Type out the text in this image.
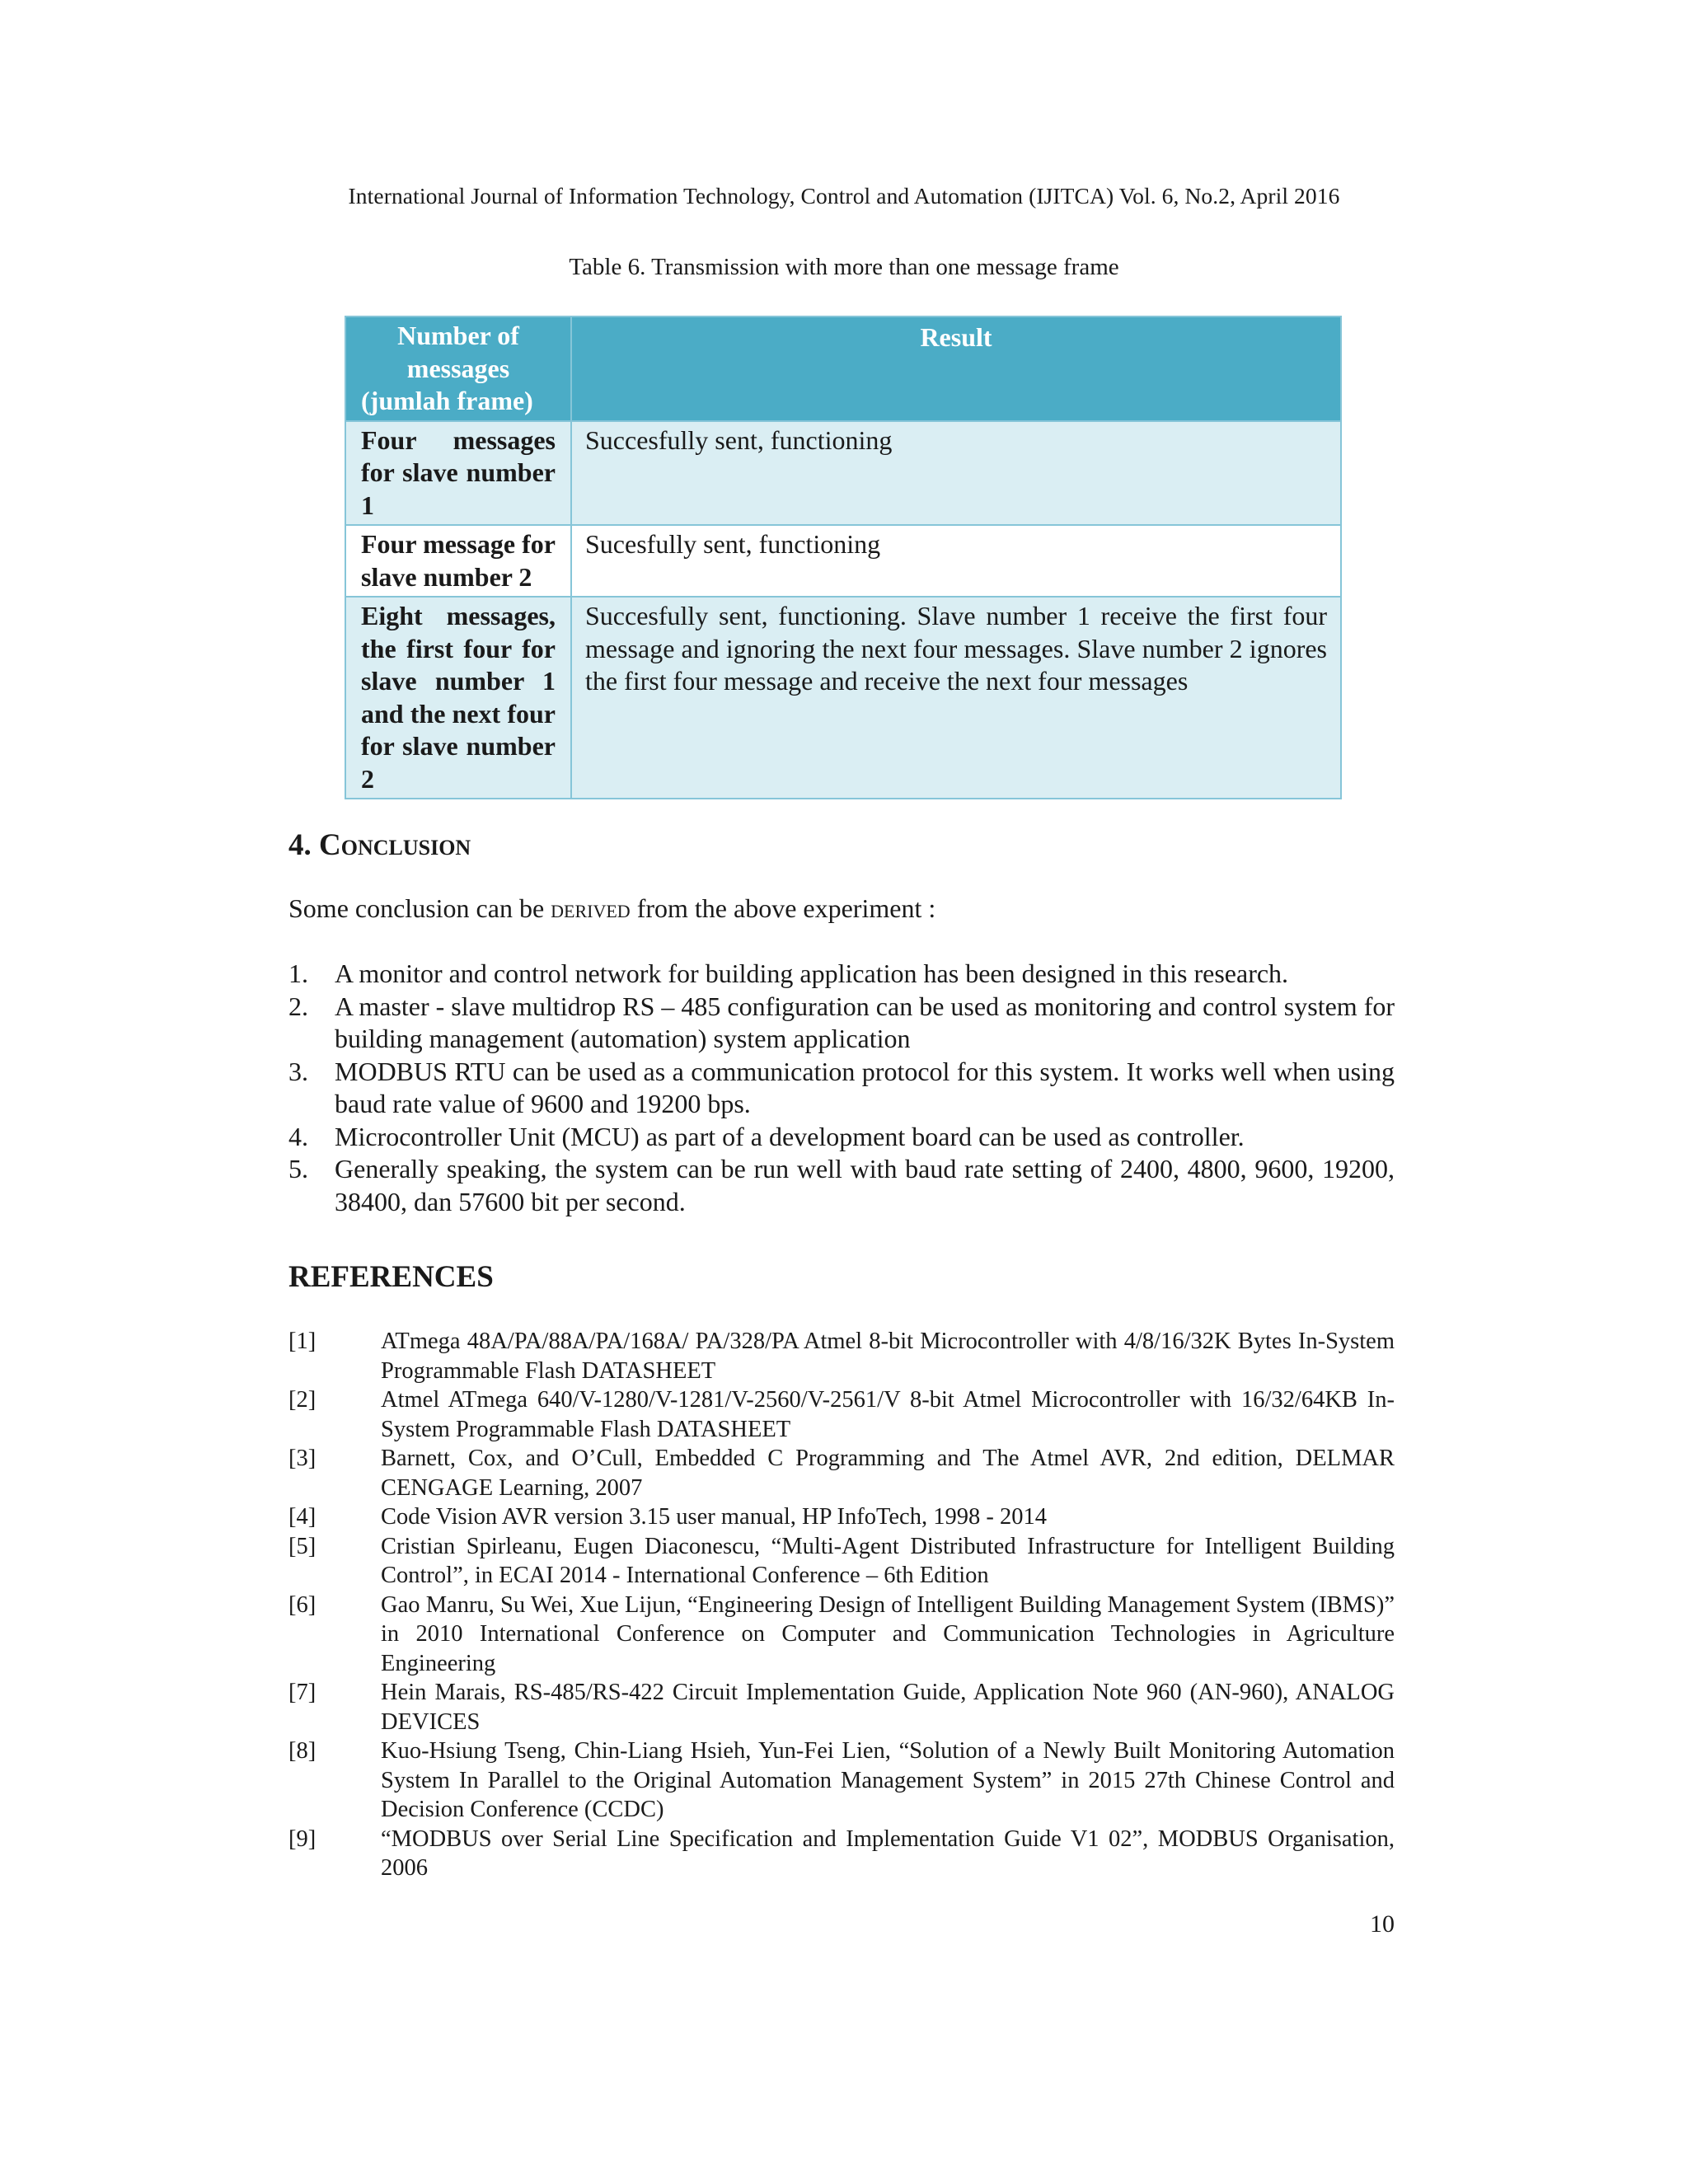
International Journal of Information Technology, Control and Automation (IJITCA) Vol. 6, No.2, April 2016
Table 6. Transmission with more than one message frame
Number of messages (jumlah frame)	Result
Four messages for slave number 1	Succesfully sent, functioning
Four message for slave number 2	Sucesfully sent, functioning
Eight messages, the first four for slave number 1 and the next four for slave number 2	Succesfully sent, functioning. Slave number 1 receive the first four message and ignoring the next four messages. Slave number 2 ignores the first four message and receive the next four messages
4. Conclusion
Some conclusion can be derived from the above experiment :
1. A monitor and control network for building application has been designed in this research.
2. A master - slave multidrop RS – 485 configuration can be used as monitoring and control system for building management (automation) system application
3. MODBUS RTU can be used as a communication protocol for this system. It works well when using baud rate value of 9600 and 19200 bps.
4. Microcontroller Unit (MCU) as part of a development board can be used as controller.
5. Generally speaking, the system can be run well with baud rate setting of 2400, 4800, 9600, 19200, 38400, dan 57600 bit per second.
REFERENCES
[1]	ATmega 48A/PA/88A/PA/168A/ PA/328/PA Atmel 8-bit Microcontroller with 4/8/16/32K Bytes In-System Programmable Flash DATASHEET
[2]	Atmel ATmega 640/V-1280/V-1281/V-2560/V-2561/V 8-bit Atmel Microcontroller with 16/32/64KB In-System Programmable Flash DATASHEET
[3]	Barnett, Cox, and O’Cull, Embedded C Programming and The Atmel AVR, 2nd edition, DELMAR CENGAGE Learning, 2007
[4]	Code Vision AVR version 3.15 user manual, HP InfoTech, 1998 - 2014
[5]	Cristian Spirleanu, Eugen Diaconescu, “Multi-Agent Distributed Infrastructure for Intelligent Building Control”, in ECAI 2014 - International Conference – 6th Edition
[6]	Gao Manru, Su Wei, Xue Lijun, “Engineering Design of Intelligent Building Management System (IBMS)” in 2010 International Conference on Computer and Communication Technologies in Agriculture Engineering
[7]	Hein Marais, RS-485/RS-422 Circuit Implementation Guide, Application Note 960 (AN-960), ANALOG DEVICES
[8]	Kuo-Hsiung Tseng, Chin-Liang Hsieh, Yun-Fei Lien, “Solution of a Newly Built Monitoring Automation System In Parallel to the Original Automation Management System” in 2015 27th Chinese Control and Decision Conference (CCDC)
[9]	“MODBUS over Serial Line Specification and Implementation Guide V1 02”, MODBUS Organisation, 2006
10
